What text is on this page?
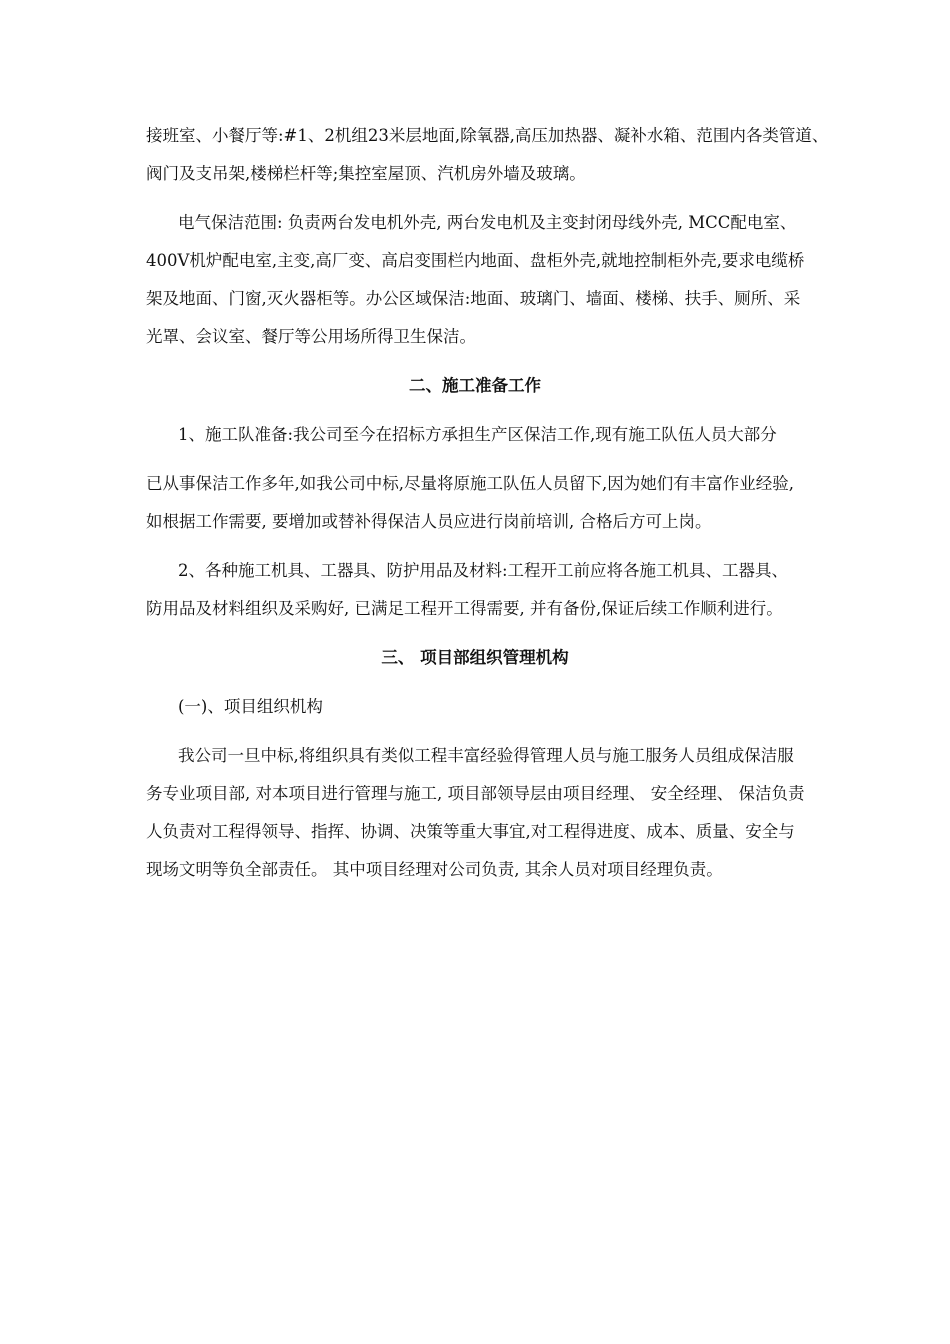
接班室、小餐厅等:#1、2机组23米层地面,除氧器,高压加热器、凝补水箱、范围内各类管道、
阀门及支吊架,楼梯栏杆等;集控室屋顶、汽机房外墙及玻璃。
电气保洁范围: 负责两台发电机外壳, 两台发电机及主变封闭母线外壳, MCC配电室、
400V机炉配电室,主变,高厂变、高启变围栏内地面、盘柜外壳,就地控制柜外壳,要求电缆桥
架及地面、门窗,灭火器柜等。办公区域保洁:地面、玻璃门、墙面、楼梯、扶手、厕所、采
光罩、会议室、餐厅等公用场所得卫生保洁。
二、施工准备工作
1、施工队准备:我公司至今在招标方承担生产区保洁工作,现有施工队伍人员大部分
已从事保洁工作多年,如我公司中标,尽量将原施工队伍人员留下,因为她们有丰富作业经验,
如根据工作需要, 要增加或替补得保洁人员应进行岗前培训, 合格后方可上岗。
2、各种施工机具、工器具、防护用品及材料:工程开工前应将各施工机具、工器具、
防用品及材料组织及采购好, 已满足工程开工得需要, 并有备份,保证后续工作顺利进行。
三、 项目部组织管理机构
(一)、项目组织机构
我公司一旦中标,将组织具有类似工程丰富经验得管理人员与施工服务人员组成保洁服
务专业项目部, 对本项目进行管理与施工, 项目部领导层由项目经理、 安全经理、 保洁负责
人负责对工程得领导、指挥、协调、决策等重大事宜,对工程得进度、成本、质量、安全与
现场文明等负全部责任。 其中项目经理对公司负责, 其余人员对项目经理负责。
